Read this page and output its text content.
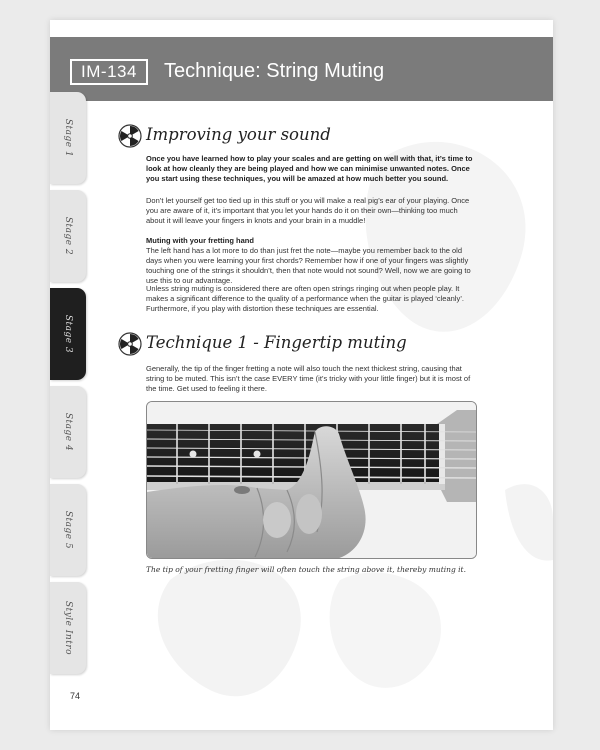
IM-134	Technique: String Muting
Stage 1
Stage 2
Stage 3
Stage 4
Stage 5
Style Intro
Improving your sound
Once you have learned how to play your scales and are getting on well with that, it’s time to look at how cleanly they are being played and how we can minimise unwanted notes. Once you start using these techniques, you will be amazed at how much better you sound.
Don’t let yourself get too tied up in this stuff or you will make a real pig’s ear of your playing. Once you are aware of it, it’s important that you let your hands do it on their own—thinking too much about it will leave your fingers in knots and your brain in a muddle!
Muting with your fretting hand
The left hand has a lot more to do than just fret the note—maybe you remember back to the old days when you were learning your first chords? Remember how if one of your fingers was slightly touching one of the strings it shouldn’t, then that note would not sound? Well, now we are going to use this to our advantage.
Unless string muting is considered there are often open strings ringing out when people play. It makes a significant difference to the quality of a performance when the guitar is played ‘cleanly’. Furthermore, if you play with distortion these techniques are essential.
Technique 1 - Fingertip muting
Generally, the tip of the finger fretting a note will also touch the next thickest string, causing that string to be muted. This isn’t the case EVERY time (it’s tricky with your little finger) but it is most of the time. Get used to feeling it there.
The tip of your fretting finger will often touch the string above it, thereby muting it.
74
